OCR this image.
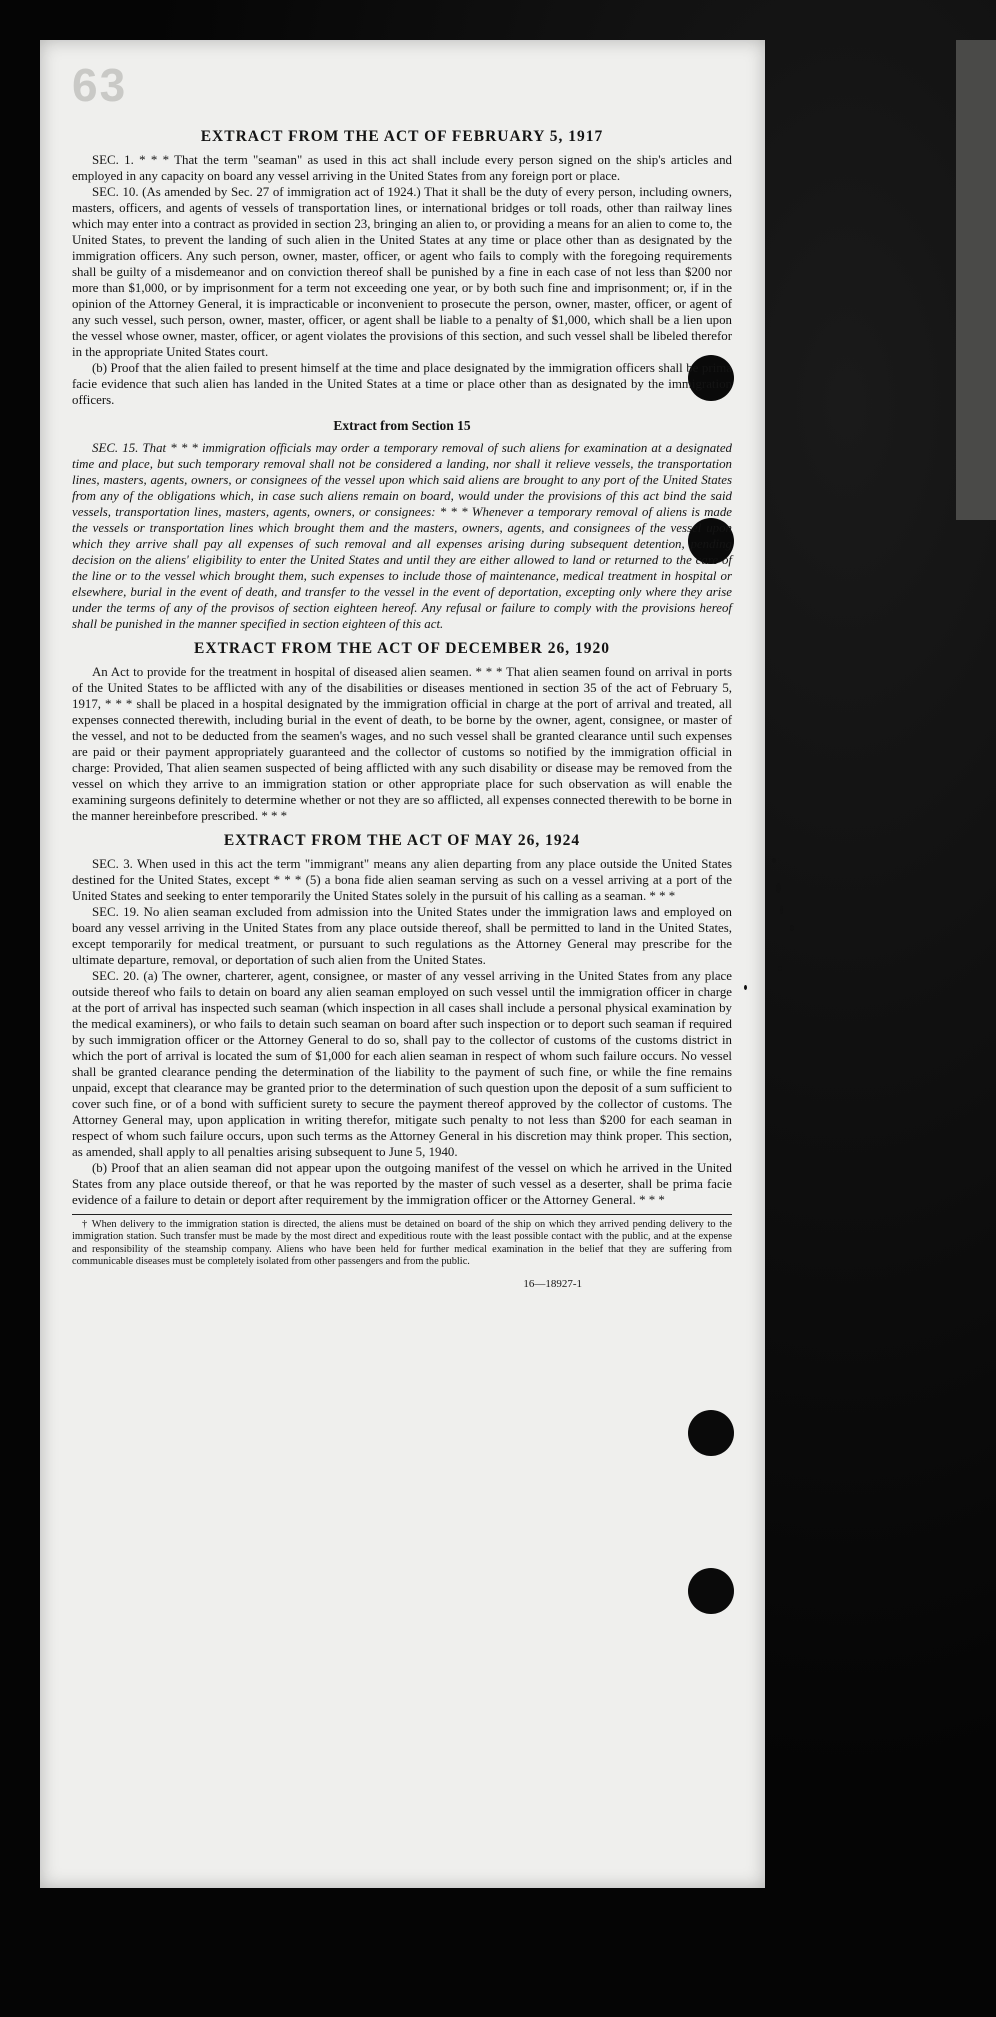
63
EXTRACT FROM THE ACT OF FEBRUARY 5, 1917

SEC. 1. * * * That the term "seaman" as used in this act shall include every person signed on the ship's articles and employed in any capacity on board any vessel arriving in the United States from any foreign port or place.

SEC. 10. (As amended by Sec. 27 of immigration act of 1924.) That it shall be the duty of every person, including owners, masters, officers, and agents of vessels of transportation lines, or international bridges or toll roads, other than railway lines which may enter into a contract as provided in section 23, bringing an alien to, or providing a means for an alien to come to, the United States, to prevent the landing of such alien in the United States at any time or place other than as designated by the immigration officers. Any such person, owner, master, officer, or agent who fails to comply with the foregoing requirements shall be guilty of a misdemeanor and on conviction thereof shall be punished by a fine in each case of not less than $200 nor more than $1,000, or by imprisonment for a term not exceeding one year, or by both such fine and imprisonment; or, if in the opinion of the Attorney General, it is impracticable or inconvenient to prosecute the person, owner, master, officer, or agent of any such vessel, such person, owner, master, officer, or agent shall be liable to a penalty of $1,000, which shall be a lien upon the vessel whose owner, master, officer, or agent violates the provisions of this section, and such vessel shall be libeled therefor in the appropriate United States court.

(b) Proof that the alien failed to present himself at the time and place designated by the immigration officers shall be prima facie evidence that such alien has landed in the United States at a time or place other than as designated by the immigration officers.

Extract from Section 15

SEC. 15. That * * * immigration officials may order a temporary removal of such aliens for examination at a designated time and place, but such temporary removal shall not be considered a landing, nor shall it relieve vessels, the transportation lines, masters, agents, owners, or consignees of the vessel upon which said aliens are brought to any port of the United States from any of the obligations which, in case such aliens remain on board, would under the provisions of this act bind the said vessels, transportation lines, masters, agents, owners, or consignees: * * * Whenever a temporary removal of aliens is made the vessels or transportation lines which brought them and the masters, owners, agents, and consignees of the vessel upon which they arrive shall pay all expenses of such removal and all expenses arising during subsequent detention, pending decision on the aliens' eligibility to enter the United States and until they are either allowed to land or returned to the care of the line or to the vessel which brought them, such expenses to include those of maintenance, medical treatment in hospital or elsewhere, burial in the event of death, and transfer to the vessel in the event of deportation, excepting only where they arise under the terms of any of the provisos of section eighteen hereof. Any refusal or failure to comply with the provisions hereof shall be punished in the manner specified in section eighteen of this act.

EXTRACT FROM THE ACT OF DECEMBER 26, 1920

An Act to provide for the treatment in hospital of diseased alien seamen. * * * That alien seamen found on arrival in ports of the United States to be afflicted with any of the disabilities or diseases mentioned in section 35 of the act of February 5, 1917, * * * shall be placed in a hospital designated by the immigration official in charge at the port of arrival and treated, all expenses connected therewith, including burial in the event of death, to be borne by the owner, agent, consignee, or master of the vessel, and not to be deducted from the seamen's wages, and no such vessel shall be granted clearance until such expenses are paid or their payment appropriately guaranteed and the collector of customs so notified by the immigration official in charge: Provided, That alien seamen suspected of being afflicted with any such disability or disease may be removed from the vessel on which they arrive to an immigration station or other appropriate place for such observation as will enable the examining surgeons definitely to determine whether or not they are so afflicted, all expenses connected therewith to be borne in the manner hereinbefore prescribed. * * *

EXTRACT FROM THE ACT OF MAY 26, 1924

SEC. 3. When used in this act the term "immigrant" means any alien departing from any place outside the United States destined for the United States, except * * * (5) a bona fide alien seaman serving as such on a vessel arriving at a port of the United States and seeking to enter temporarily the United States solely in the pursuit of his calling as a seaman. * * *

SEC. 19. No alien seaman excluded from admission into the United States under the immigration laws and employed on board any vessel arriving in the United States from any place outside thereof, shall be permitted to land in the United States, except temporarily for medical treatment, or pursuant to such regulations as the Attorney General may prescribe for the ultimate departure, removal, or deportation of such alien from the United States.

SEC. 20. (a) The owner, charterer, agent, consignee, or master of any vessel arriving in the United States from any place outside thereof who fails to detain on board any alien seaman employed on such vessel until the immigration officer in charge at the port of arrival has inspected such seaman (which inspection in all cases shall include a personal physical examination by the medical examiners), or who fails to detain such seaman on board after such inspection or to deport such seaman if required by such immigration officer or the Attorney General to do so, shall pay to the collector of customs of the customs district in which the port of arrival is located the sum of $1,000 for each alien seaman in respect of whom such failure occurs. No vessel shall be granted clearance pending the determination of the liability to the payment of such fine, or while the fine remains unpaid, except that clearance may be granted prior to the determination of such question upon the deposit of a sum sufficient to cover such fine, or of a bond with sufficient surety to secure the payment thereof approved by the collector of customs. The Attorney General may, upon application in writing therefor, mitigate such penalty to not less than $200 for each seaman in respect of whom such failure occurs, upon such terms as the Attorney General in his discretion may think proper. This section, as amended, shall apply to all penalties arising subsequent to June 5, 1940.

(b) Proof that an alien seaman did not appear upon the outgoing manifest of the vessel on which he arrived in the United States from any place outside thereof, or that he was reported by the master of such vessel as a deserter, shall be prima facie evidence of a failure to detain or deport after requirement by the immigration officer or the Attorney General. * * *

† When delivery to the immigration station is directed, the aliens must be detained on board of the ship on which they arrived pending delivery to the immigration station. Such transfer must be made by the most direct and expeditious route with the least possible contact with the public, and at the expense and responsibility of the steamship company. Aliens who have been held for further medical examination in the belief that they are suffering from communicable diseases must be completely isolated from other passengers and from the public.

16—18927-1
